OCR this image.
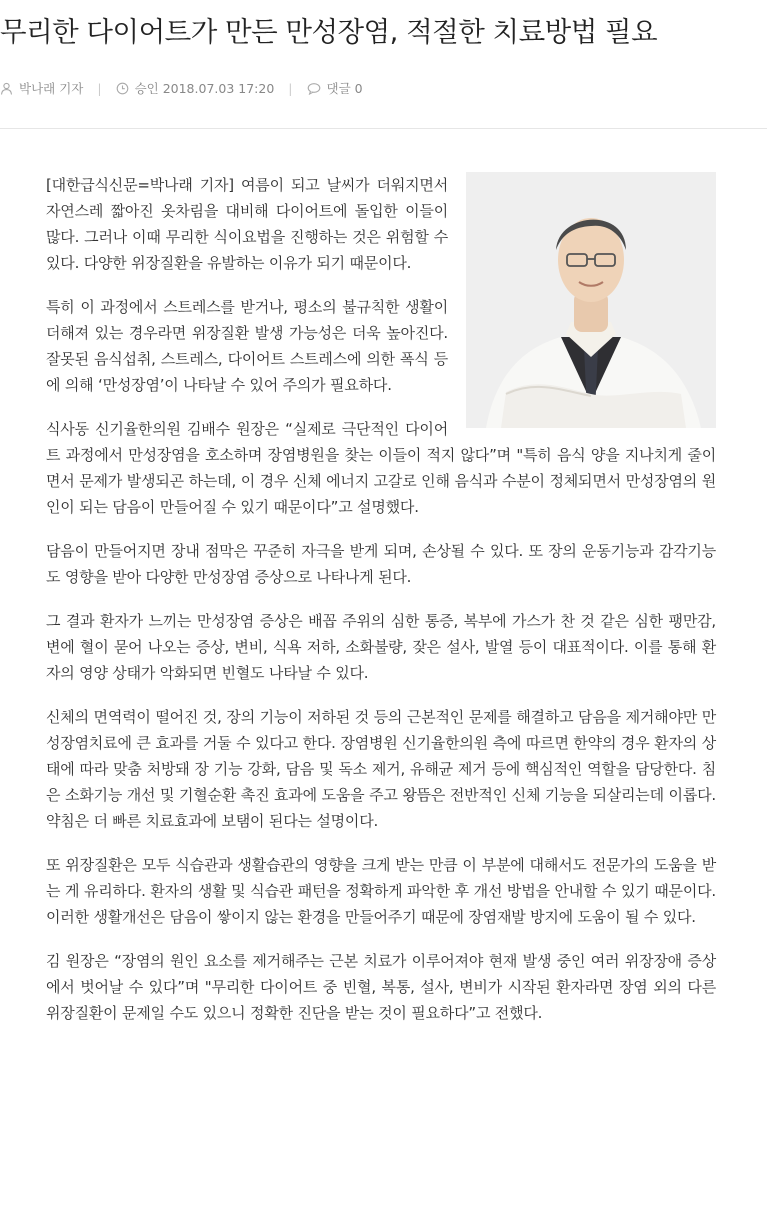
무리한 다이어트가 만든 만성장염, 적절한 치료방법 필요
박나래 기자 |	승인 2018.07.03 17:20 |	댓글 0

[대한급식신문=박나래 기자] 여름이 되고 날씨가 더워지면서 자연스레 짧아진 옷차림을 대비해 다이어트에 돌입한 이들이 많다. 그러나 이때 무리한 식이요법을 진행하는 것은 위험할 수 있다. 다양한 위장질환을 유발하는 이유가 되기 때문이다.

특히 이 과정에서 스트레스를 받거나, 평소의 불규칙한 생활이 더해져 있는 경우라면 위장질환 발생 가능성은 더욱 높아진다. 잘못된 음식섭취, 스트레스, 다이어트 스트레스에 의한 폭식 등에 의해 ‘만성장염’이 나타날 수 있어 주의가 필요하다.

식사동 신기율한의원 김배수 원장은 “실제로 극단적인 다이어트 과정에서 만성장염을 호소하며 장염병원을 찾는 이들이 적지 않다”며 "특히 음식 양을 지나치게 줄이면서 문제가 발생되곤 하는데, 이 경우 신체 에너지 고갈로 인해 음식과 수분이 정체되면서 만성장염의 원인이 되는 담음이 만들어질 수 있기 때문이다”고 설명했다.

담음이 만들어지면 장내 점막은 꾸준히 자극을 받게 되며, 손상될 수 있다. 또 장의 운동기능과 감각기능도 영향을 받아 다양한 만성장염 증상으로 나타나게 된다.

그 결과 환자가 느끼는 만성장염 증상은 배꼽 주위의 심한 통증, 복부에 가스가 찬 것 같은 심한 팽만감, 변에 혈이 묻어 나오는 증상, 변비, 식욕 저하, 소화불량, 잦은 설사, 발열 등이 대표적이다. 이를 통해 환자의 영양 상태가 악화되면 빈혈도 나타날 수 있다.

신체의 면역력이 떨어진 것, 장의 기능이 저하된 것 등의 근본적인 문제를 해결하고 담음을 제거해야만 만성장염치료에 큰 효과를 거둘 수 있다고 한다. 장염병원 신기율한의원 측에 따르면 한약의 경우 환자의 상태에 따라 맞춤 처방돼 장 기능 강화, 담음 및 독소 제거, 유해균 제거 등에 핵심적인 역할을 담당한다. 침은 소화기능 개선 및 기혈순환 촉진 효과에 도움을 주고 왕뜸은 전반적인 신체 기능을 되살리는데 이롭다. 약침은 더 빠른 치료효과에 보탬이 된다는 설명이다.

또 위장질환은 모두 식습관과 생활습관의 영향을 크게 받는 만큼 이 부분에 대해서도 전문가의 도움을 받는 게 유리하다. 환자의 생활 및 식습관 패턴을 정확하게 파악한 후 개선 방법을 안내할 수 있기 때문이다. 이러한 생활개선은 담음이 쌓이지 않는 환경을 만들어주기 때문에 장염재발 방지에 도움이 될 수 있다.

김 원장은 “장염의 원인 요소를 제거해주는 근본 치료가 이루어져야 현재 발생 중인 여러 위장장애 증상에서 벗어날 수 있다”며 "무리한 다이어트 중 빈혈, 복통, 설사, 변비가 시작된 환자라면 장염 외의 다른 위장질환이 문제일 수도 있으니 정확한 진단을 받는 것이 필요하다”고 전했다.
